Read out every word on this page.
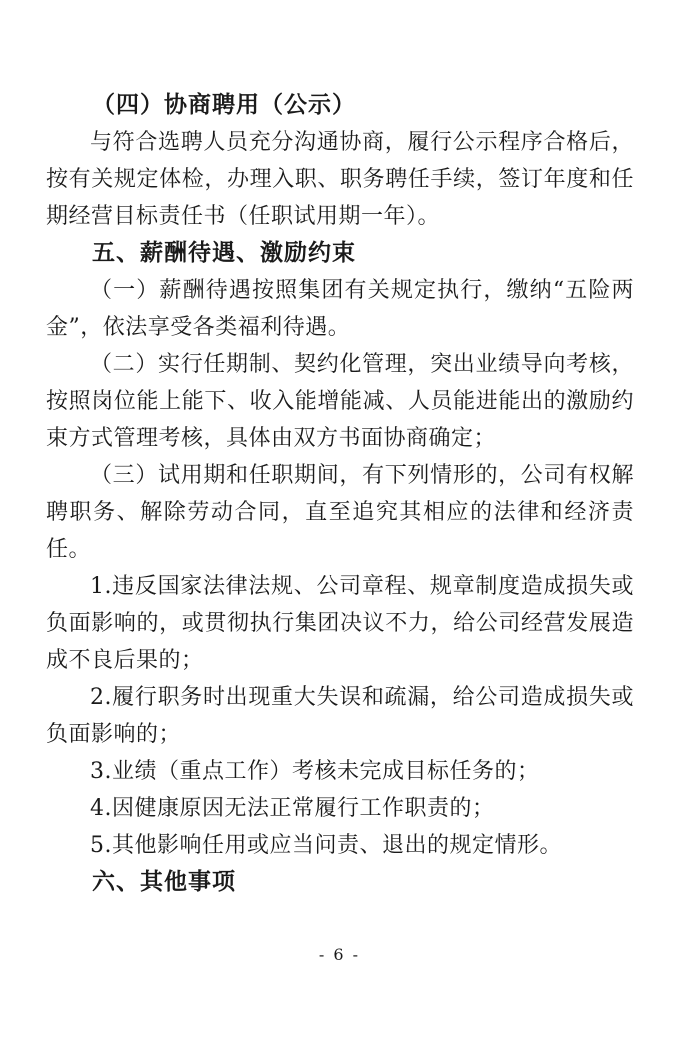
（四）协商聘用（公示）

与符合选聘人员充分沟通协商，履行公示程序合格后，按有关规定体检，办理入职、职务聘任手续，签订年度和任期经营目标责任书（任职试用期一年）。

五、薪酬待遇、激励约束

（一）薪酬待遇按照集团有关规定执行，缴纳“五险两金”，依法享受各类福利待遇。

（二）实行任期制、契约化管理，突出业绩导向考核，按照岗位能上能下、收入能增能减、人员能进能出的激励约束方式管理考核，具体由双方书面协商确定；

（三）试用期和任职期间，有下列情形的，公司有权解聘职务、解除劳动合同，直至追究其相应的法律和经济责任。

1.违反国家法律法规、公司章程、规章制度造成损失或负面影响的，或贯彻执行集团决议不力，给公司经营发展造成不良后果的；

2.履行职务时出现重大失误和疏漏，给公司造成损失或负面影响的；

3.业绩（重点工作）考核未完成目标任务的；

4.因健康原因无法正常履行工作职责的；

5.其他影响任用或应当问责、退出的规定情形。

六、其他事项

- 6 -
